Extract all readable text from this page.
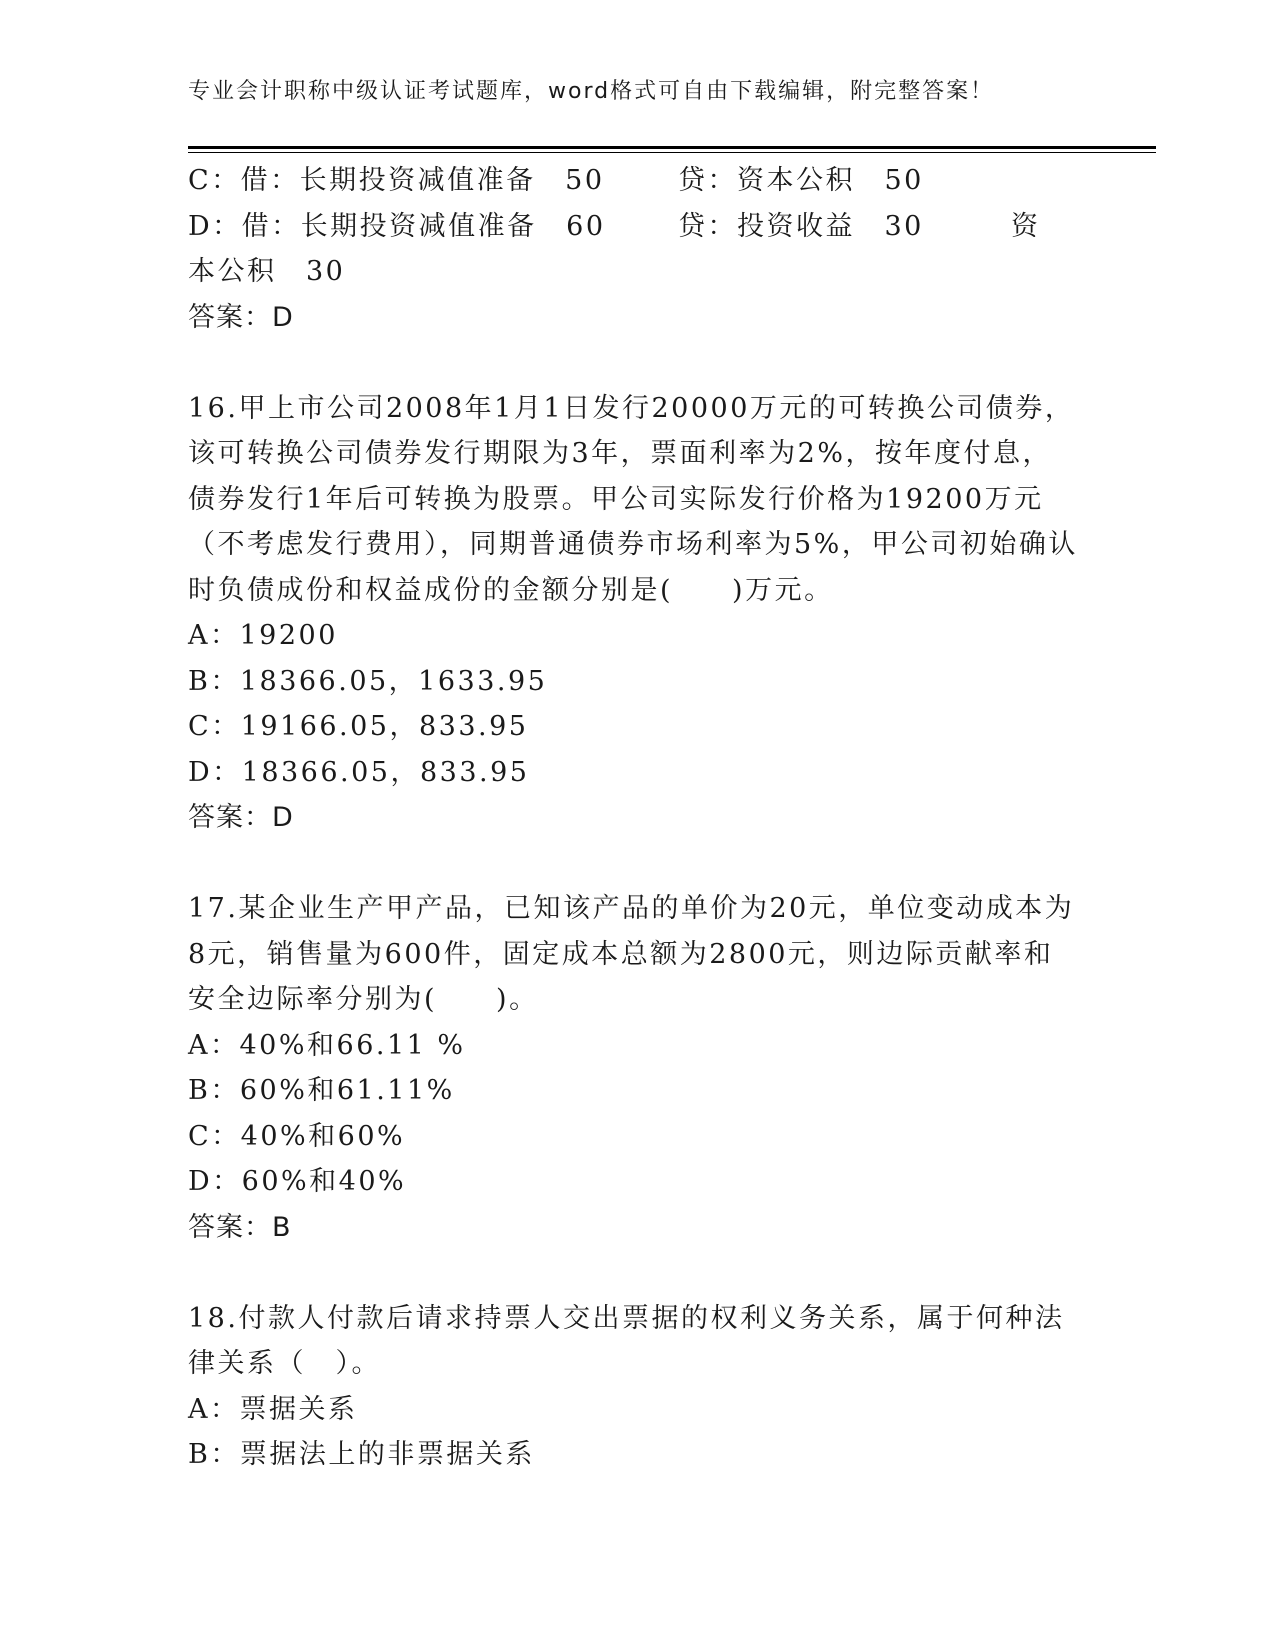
专业会计职称中级认证考试题库，word格式可自由下载编辑，附完整答案！
C：借：长期投资减值准备　50	贷：资本公积　50
D：借：长期投资减值准备　60	贷：投资收益　30	资
本公积　30
答案：D
16.甲上市公司2008年1月1日发行20000万元的可转换公司债券，该可转换公司债券发行期限为3年，票面利率为2%，按年度付息，债券发行1年后可转换为股票。甲公司实际发行价格为19200万元（不考虑发行费用），同期普通债券市场利率为5%，甲公司初始确认时负债成份和权益成份的金额分别是(　　)万元。
A：19200
B：18366.05，1633.95
C：19166.05，833.95
D：18366.05，833.95
答案：D
17.某企业生产甲产品，已知该产品的单价为20元，单位变动成本为8元，销售量为600件，固定成本总额为2800元，则边际贡献率和安全边际率分别为(　　)。
A：40%和66.11 %
B：60%和61.11%
C：40%和60%
D：60%和40%
答案：B
18.付款人付款后请求持票人交出票据的权利义务关系，属于何种法律关系（　）。
A：票据关系
B：票据法上的非票据关系
